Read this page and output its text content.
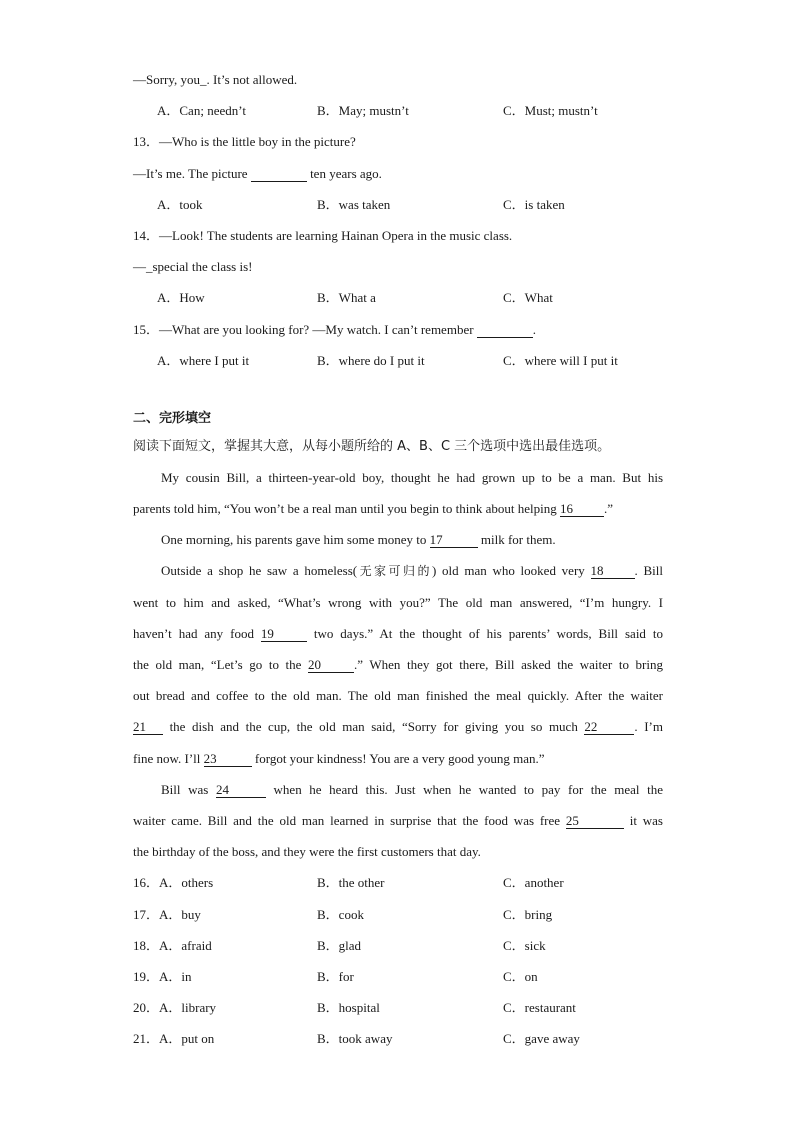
—Sorry, you_. It’s not allowed.
A．Can; needn’t	B．May; mustn’t	C．Must; mustn’t
13．—Who is the little boy in the picture?
—It’s me. The picture	ten years ago.
A．took	B．was taken	C．is taken
14．—Look! The students are learning Hainan Opera in the music class.
—_special the class is!
A．How	B．What a	C．What
15．—What are you looking for? —My watch. I can’t remember	.
A．where I put it	B．where do I put it	C．where will I put it
二、完形填空
阅读下面短文，掌握其大意，从每小题所给的 A、B、C 三个选项中选出最佳选项。
My cousin Bill, a thirteen-year-old boy, thought he had grown up to be a man. But his
parents told him, “You won’t be a real man until you begin to think about helping 16 .”
One morning, his parents gave him some money to 17	milk for them.
Outside a shop he saw a homeless(无家可归的) old man who looked very 18 . Bill
went to him and asked, “What’s wrong with you?” The old man answered, “I’m hungry. I
haven’t had any food 19	two days.” At the thought of his parents’ words, Bill said to
the old man, “Let’s go to the 20	.” When they got there, Bill asked the waiter to bring
out bread and coffee to the old man. The old man finished the meal quickly. After the waiter
21 the dish and the cup, the old man said, “Sorry for giving you so much 22	. I’m
fine now. I’ll 23	forgot your kindness! You are a very good young man.”
Bill was 24	when he heard this. Just when he wanted to pay for the meal the
waiter came. Bill and the old man learned in surprise that the food was free 25	it was
the birthday of the boss, and they were the first customers that day.
16．A．others	B．the other	C．another
17．A．buy	B．cook	C．bring
18．A．afraid	B．glad	C．sick
19．A．in	B．for	C．on
20．A．library	B．hospital	C．restaurant
21．A．put on	B．took away	C．gave away
